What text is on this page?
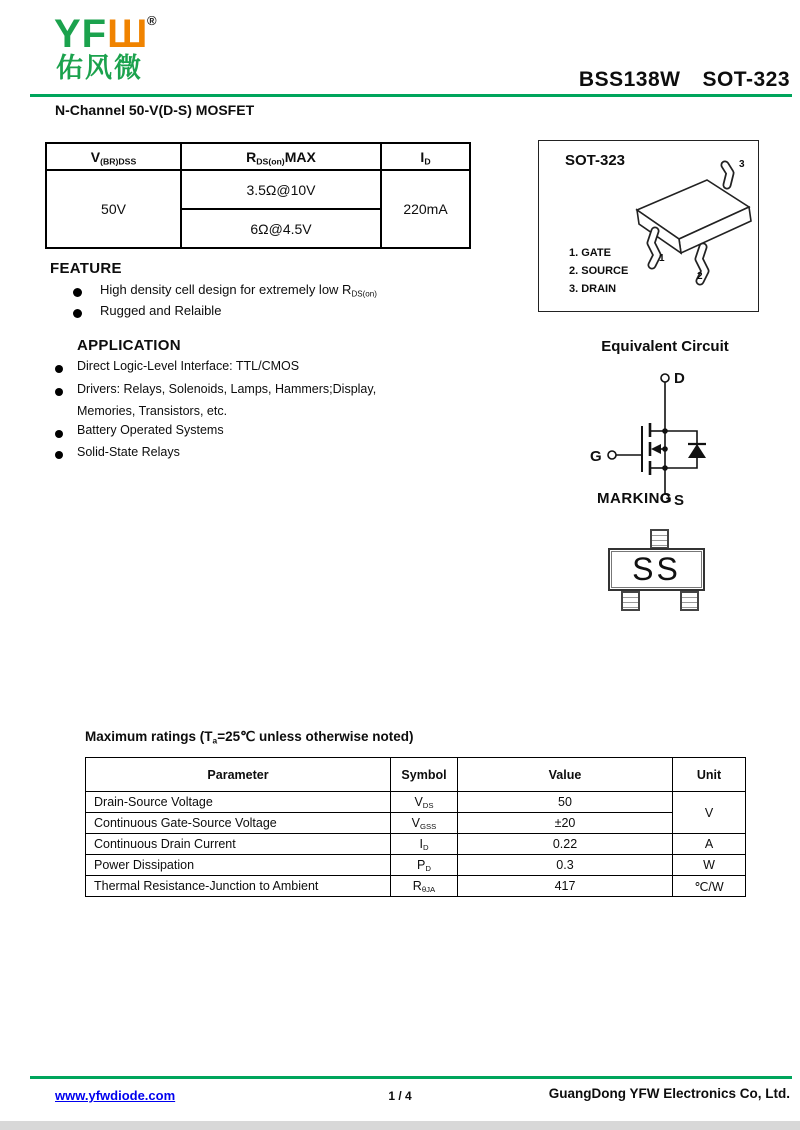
YFШ
®
佑风微	BSS138W SOT-323
N-Channel 50-V(D-S) MOSFET
$V_{(BR)DSS}$	$R_{DS(on)}MAX$	$I_D$
50V	3.5Ω@10V	220mA
	6Ω@4.5V	
FEATURE
High density cell design for extremely low $R_{DS(on)}$
Rugged and Relaible
APPLICATION
Direct Logic-Level Interface: TTL/CMOS
Drivers: Relays, Solenoids, Lamps, Hammers;Display,
Memories, Transistors, etc.
Battery Operated Systems
Solid-State Relays
SOT-323
1. GATE
2. SOURCE
3. DRAIN
1
2
3
Equivalent Circuit
D
G
S
MARKING
SS
Maximum ratings ($T_a=25℃$ unless otherwise noted)
Parameter	Symbol	Value	Unit
Drain-Source Voltage	$V_{DS}$	50	V
Continuous Gate-Source Voltage	$V_{GSS}$	±20	
Continuous Drain Current	$I_D$	0.22	A
Power Dissipation	$P_D$	0.3	W
Thermal Resistance-Junction to Ambient	$R_{\theta JA}$	417	℃/W
www.yfwdiode.com	1 / 4	GuangDong YFW Electronics Co, Ltd.
